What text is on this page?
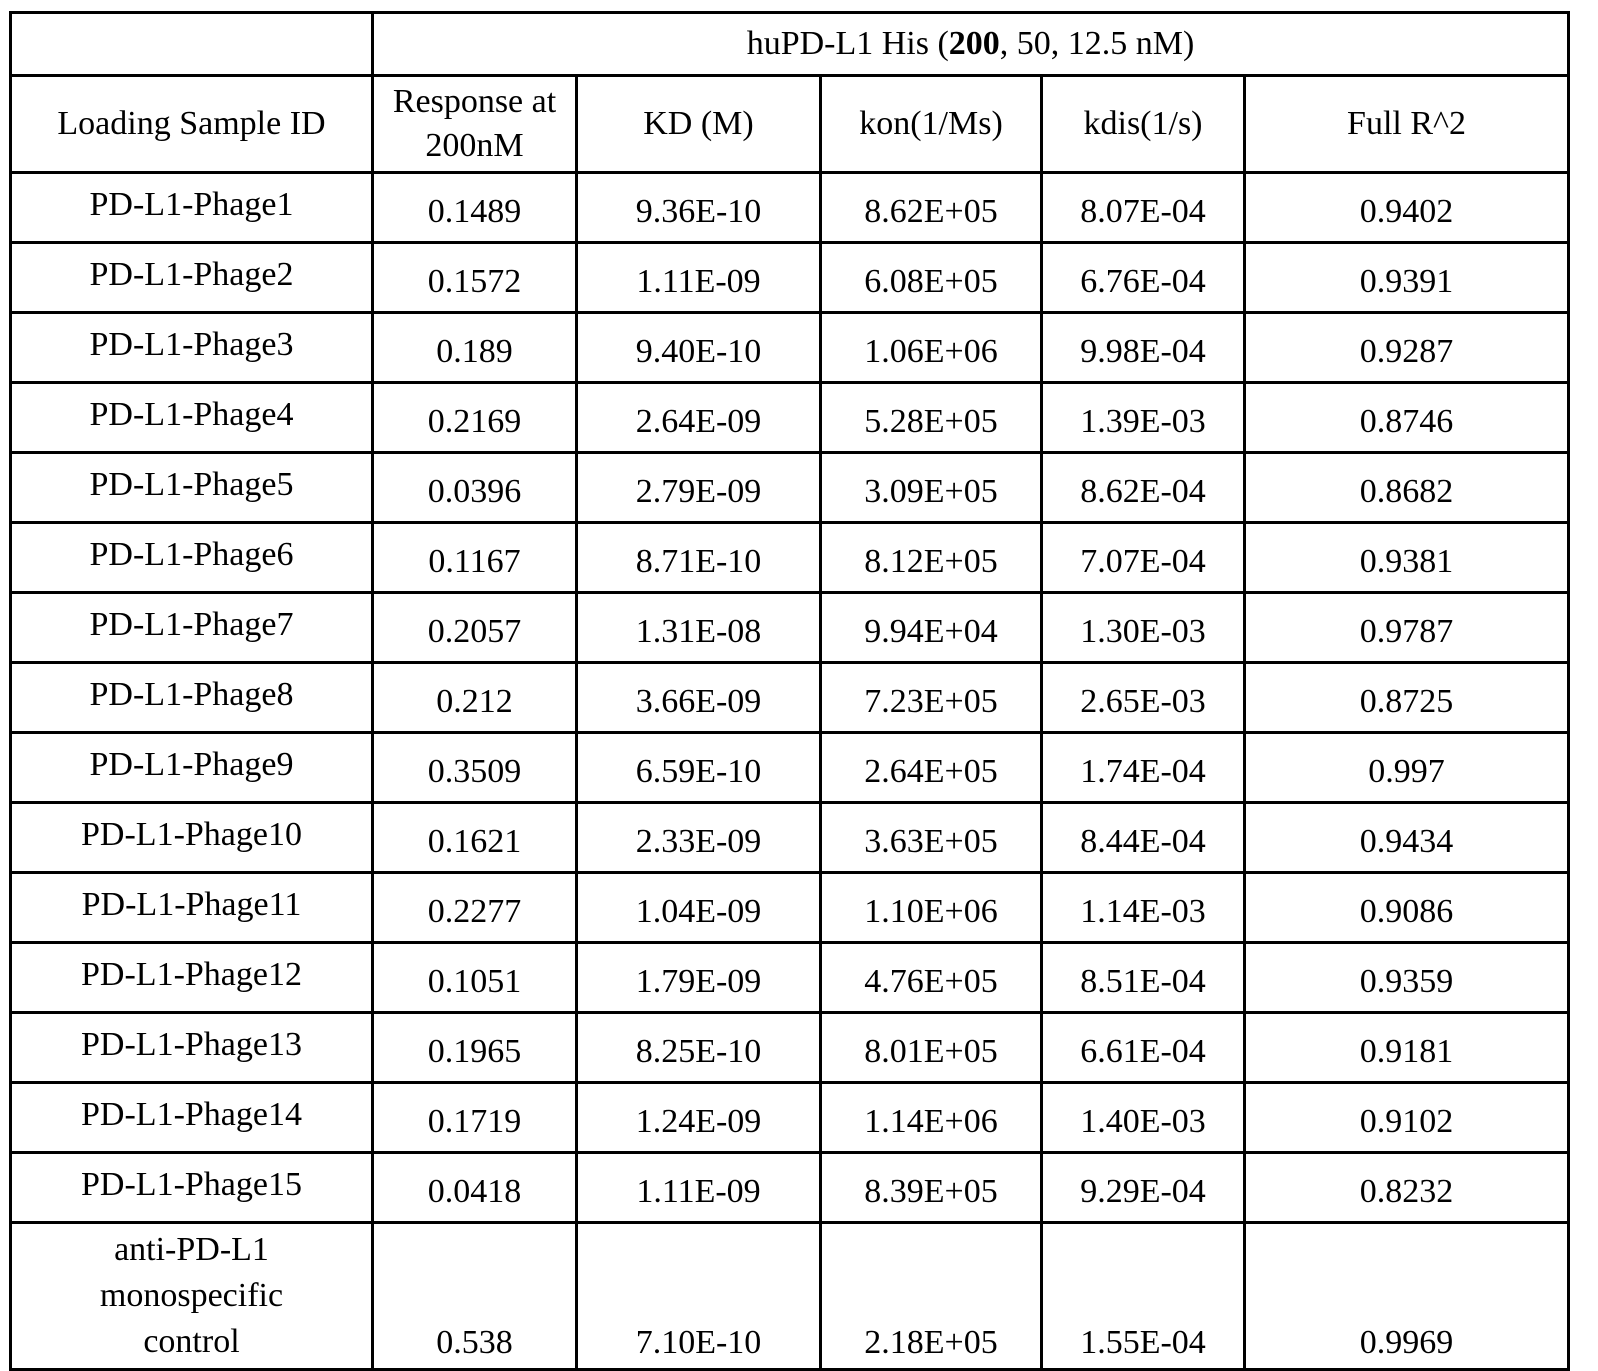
	huPD-L1 His (200, 50, 12.5 nM)
Loading Sample ID	Response at 200nM	KD (M)	kon(1/Ms)	kdis(1/s)	Full R^2
PD-L1-Phage1	0.1489	9.36E-10	8.62E+05	8.07E-04	0.9402
PD-L1-Phage2	0.1572	1.11E-09	6.08E+05	6.76E-04	0.9391
PD-L1-Phage3	0.189	9.40E-10	1.06E+06	9.98E-04	0.9287
PD-L1-Phage4	0.2169	2.64E-09	5.28E+05	1.39E-03	0.8746
PD-L1-Phage5	0.0396	2.79E-09	3.09E+05	8.62E-04	0.8682
PD-L1-Phage6	0.1167	8.71E-10	8.12E+05	7.07E-04	0.9381
PD-L1-Phage7	0.2057	1.31E-08	9.94E+04	1.30E-03	0.9787
PD-L1-Phage8	0.212	3.66E-09	7.23E+05	2.65E-03	0.8725
PD-L1-Phage9	0.3509	6.59E-10	2.64E+05	1.74E-04	0.997
PD-L1-Phage10	0.1621	2.33E-09	3.63E+05	8.44E-04	0.9434
PD-L1-Phage11	0.2277	1.04E-09	1.10E+06	1.14E-03	0.9086
PD-L1-Phage12	0.1051	1.79E-09	4.76E+05	8.51E-04	0.9359
PD-L1-Phage13	0.1965	8.25E-10	8.01E+05	6.61E-04	0.9181
PD-L1-Phage14	0.1719	1.24E-09	1.14E+06	1.40E-03	0.9102
PD-L1-Phage15	0.0418	1.11E-09	8.39E+05	9.29E-04	0.8232
anti-PD-L1 monospecific control	0.538	7.10E-10	2.18E+05	1.55E-04	0.9969
